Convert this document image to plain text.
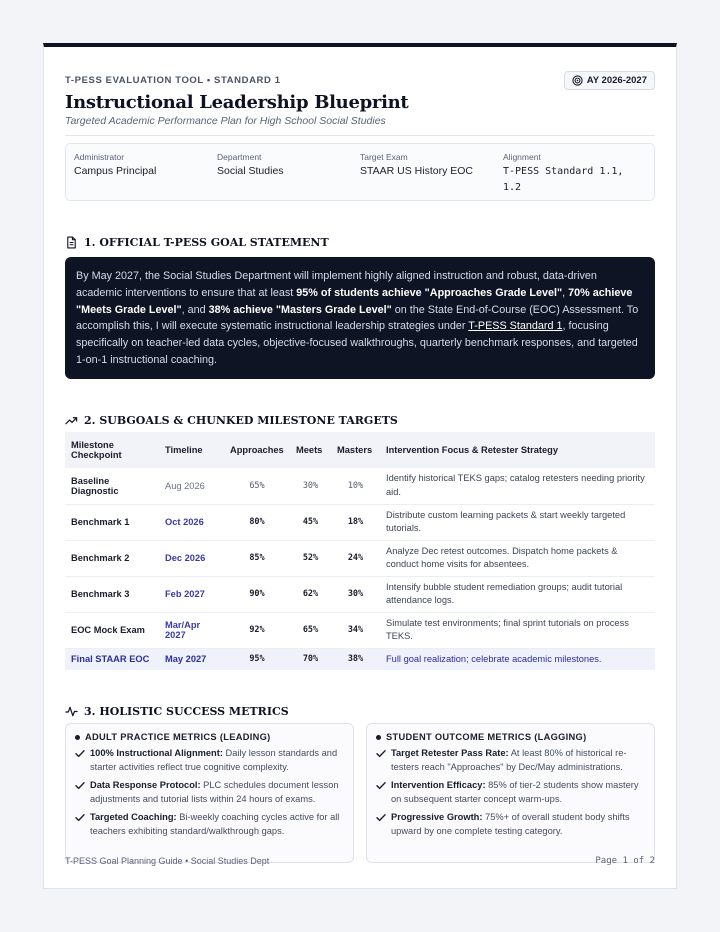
T-PESS EVALUATION TOOL • STANDARD 1	AY 2026-2027
Instructional Leadership Blueprint
Targeted Academic Performance Plan for High School Social Studies
Administrator
Campus Principal
Department
Social Studies
Target Exam
STAAR US History EOC
Alignment
T-PESS Standard 1.1, 1.2
1. OFFICIAL T-PESS GOAL STATEMENT
By May 2027, the Social Studies Department will implement highly aligned instruction and robust, data-driven academic interventions to ensure that at least 95% of students achieve "Approaches Grade Level", 70% achieve "Meets Grade Level", and 38% achieve "Masters Grade Level" on the State End-of-Course (EOC) Assessment. To accomplish this, I will execute systematic instructional leadership strategies under T-PESS Standard 1, focusing specifically on teacher-led data cycles, objective-focused walkthroughs, quarterly benchmark responses, and targeted 1-on-1 instructional coaching.
2. SUBGOALS & CHUNKED MILESTONE TARGETS
Milestone Checkpoint	Timeline	Approaches	Meets	Masters	Intervention Focus & Retester Strategy
Baseline Diagnostic	Aug 2026	65%	30%	10%	Identify historical TEKS gaps; catalog retesters needing priority aid.
Benchmark 1	Oct 2026	80%	45%	18%	Distribute custom learning packets & start weekly targeted tutorials.
Benchmark 2	Dec 2026	85%	52%	24%	Analyze Dec retest outcomes. Dispatch home packets & conduct home visits for absentees.
Benchmark 3	Feb 2027	90%	62%	30%	Intensify bubble student remediation groups; audit tutorial attendance logs.
EOC Mock Exam	Mar/Apr 2027	92%	65%	34%	Simulate test environments; final sprint tutorials on process TEKS.
Final STAAR EOC	May 2027	95%	70%	38%	Full goal realization; celebrate academic milestones.
3. HOLISTIC SUCCESS METRICS
ADULT PRACTICE METRICS (LEADING)
100% Instructional Alignment: Daily lesson standards and starter activities reflect true cognitive complexity.
Data Response Protocol: PLC schedules document lesson adjustments and tutorial lists within 24 hours of exams.
Targeted Coaching: Bi-weekly coaching cycles active for all teachers exhibiting standard/walkthrough gaps.
STUDENT OUTCOME METRICS (LAGGING)
Target Retester Pass Rate: At least 80% of historical re-testers reach "Approaches" by Dec/May administrations.
Intervention Efficacy: 85% of tier-2 students show mastery on subsequent starter concept warm-ups.
Progressive Growth: 75%+ of overall student body shifts upward by one complete testing category.
T-PESS Goal Planning Guide • Social Studies Dept	Page 1 of 2
